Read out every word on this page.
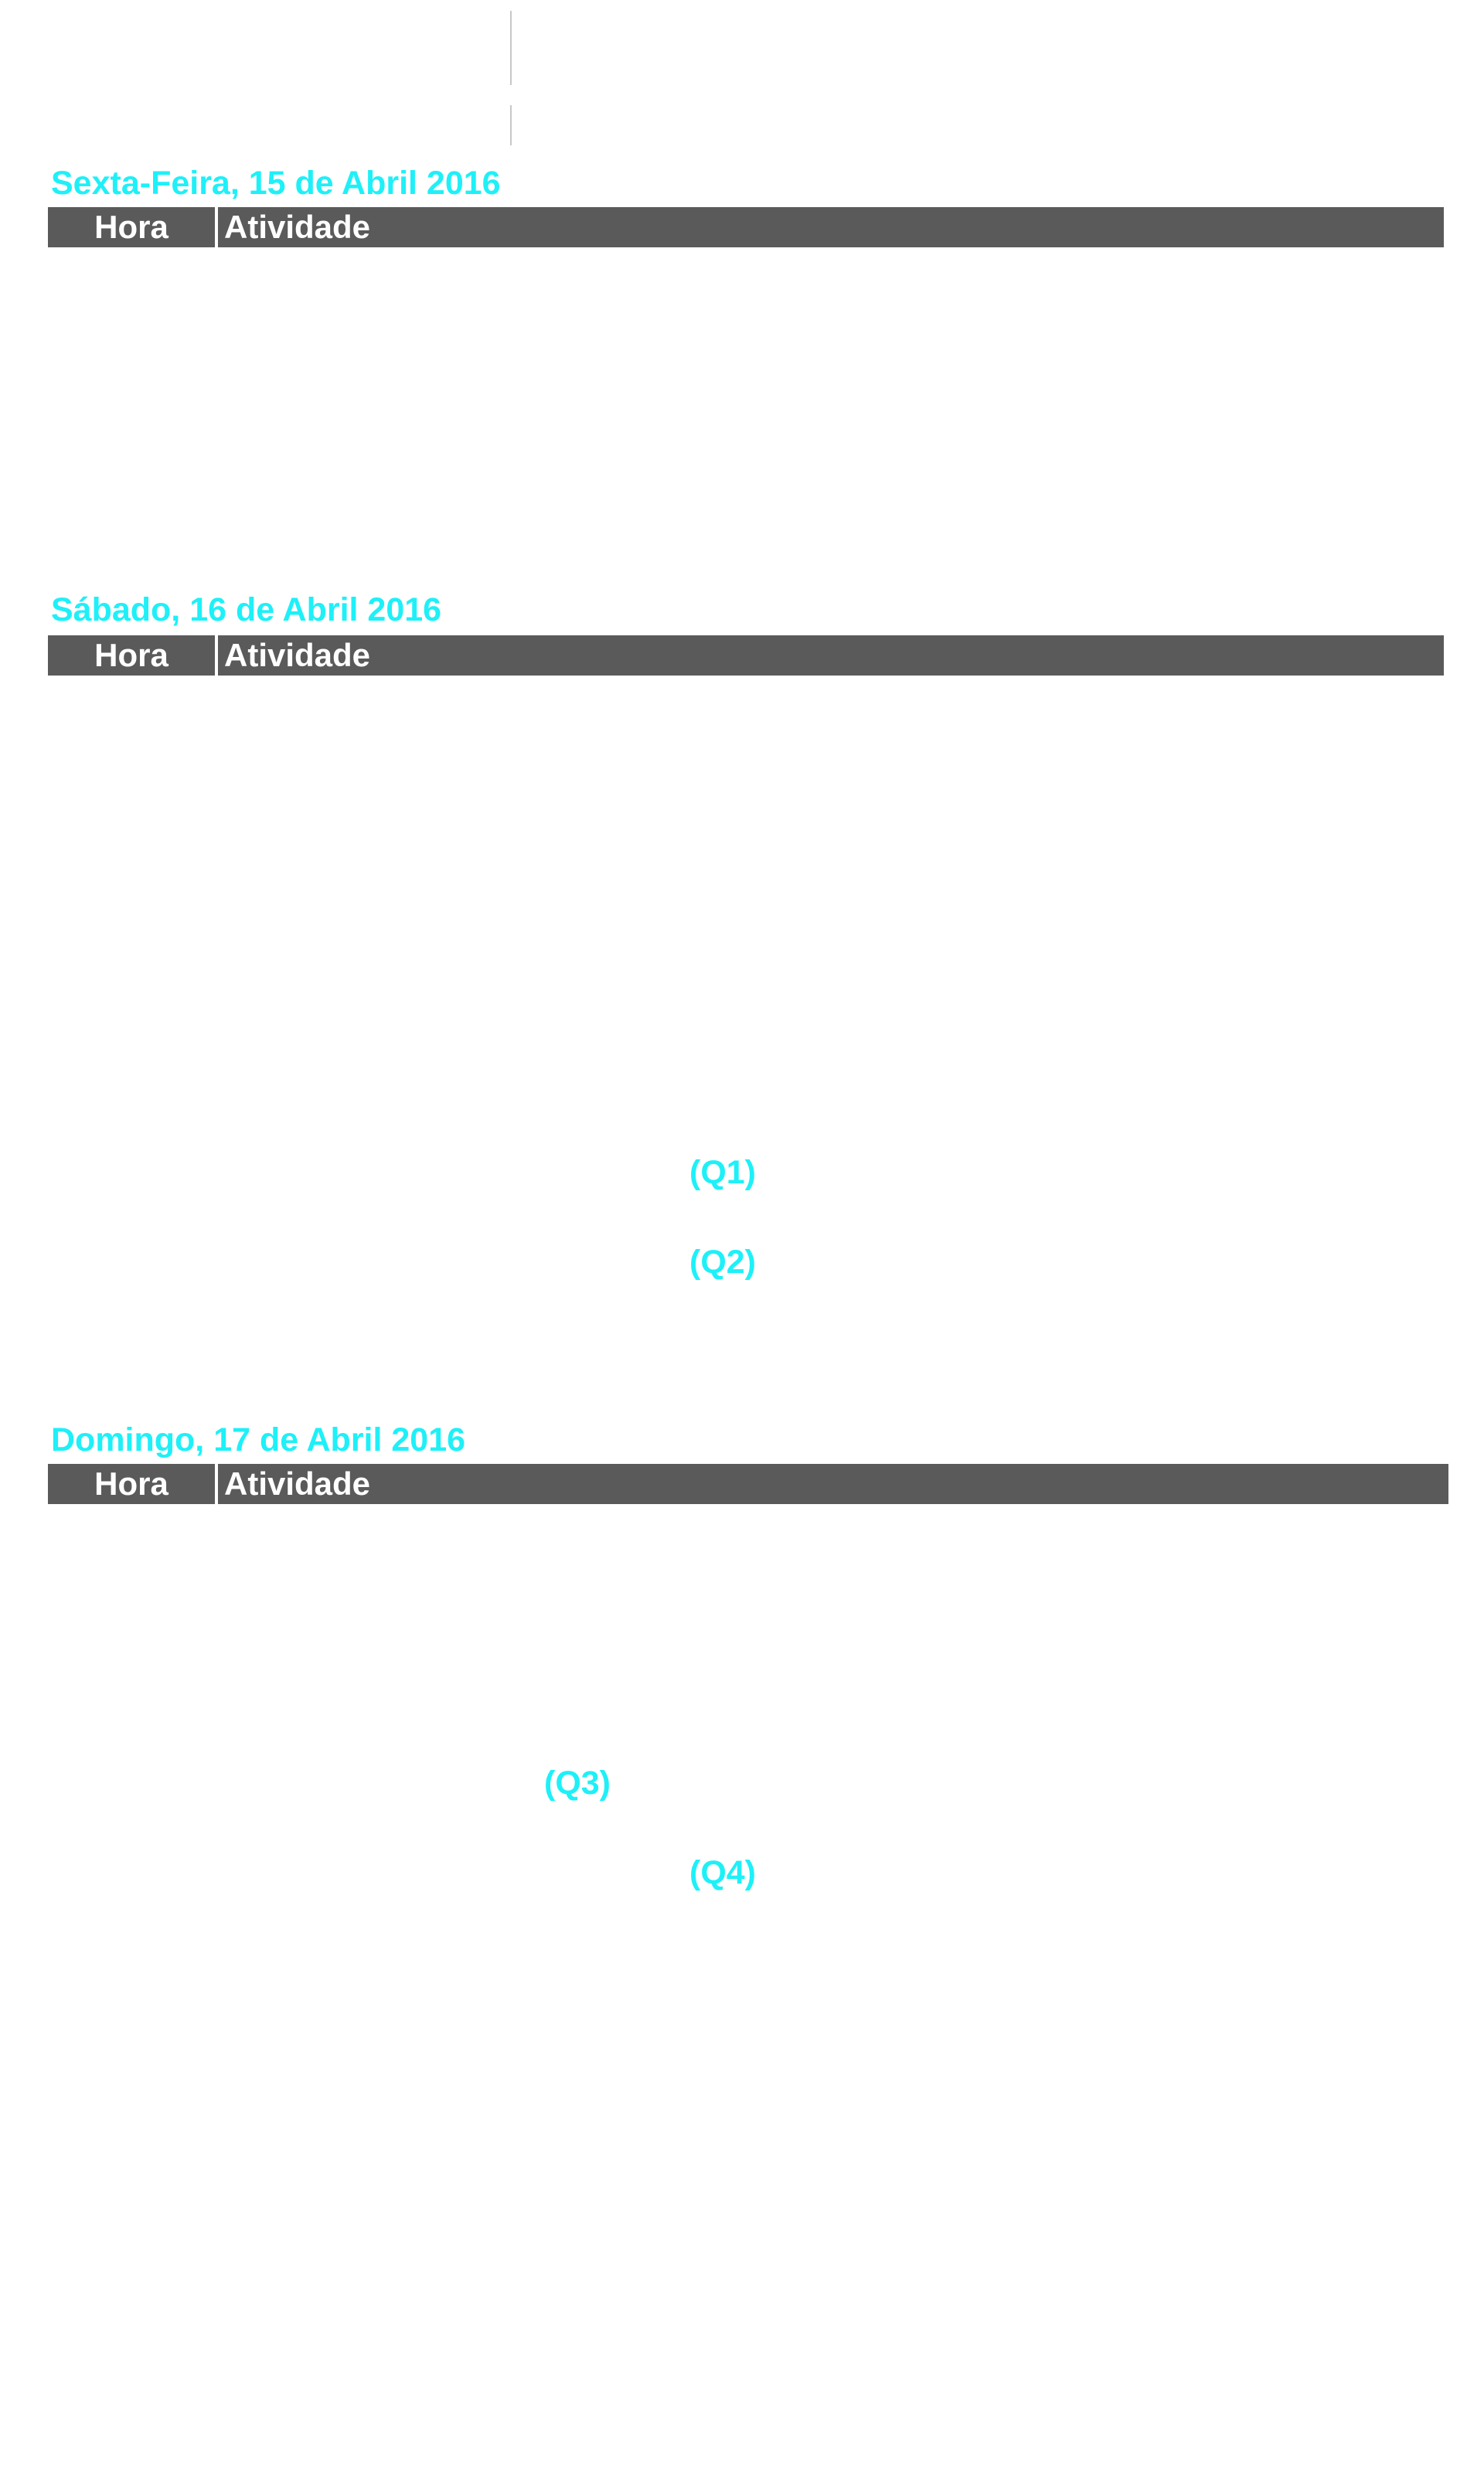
Sexta-Feira, 15 de Abril 2016
Hora	Atividade
Sábado, 16 de Abril 2016
Hora	Atividade

(Q1)

(Q2)

Domingo, 17 de Abril 2016
Hora	Atividade

(Q3)

(Q4)
